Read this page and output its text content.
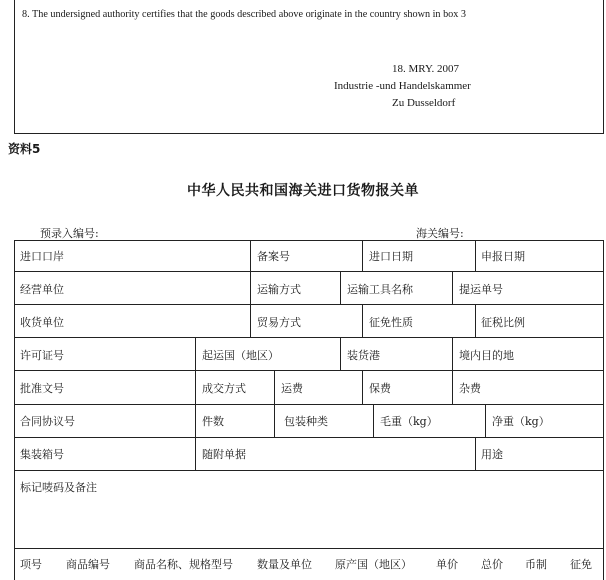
8. The undersigned authority certifies that the goods described above originate in the country shown in box 3
18. MRY. 2007
Industrie -und Handelskammer
Zu Dusseldorf
资料5
中华人民共和国海关进口货物报关单
预录入编号:	海关编号:
进口口岸	备案号	进口日期	申报日期
经营单位	运输方式	运输工具名称	提运单号
收货单位	贸易方式	征免性质	征税比例
许可证号	起运国（地区）	装货港	境内目的地
批准文号	成交方式	运费	保费	杂费
合同协议号	件数	包装种类	毛重（kg）	净重（kg）
集装箱号	随附单据	用途
标记唛码及备注
项号 商品编号 商品名称、规格型号 数量及单位 原产国（地区） 单价 总价 币制 征免
